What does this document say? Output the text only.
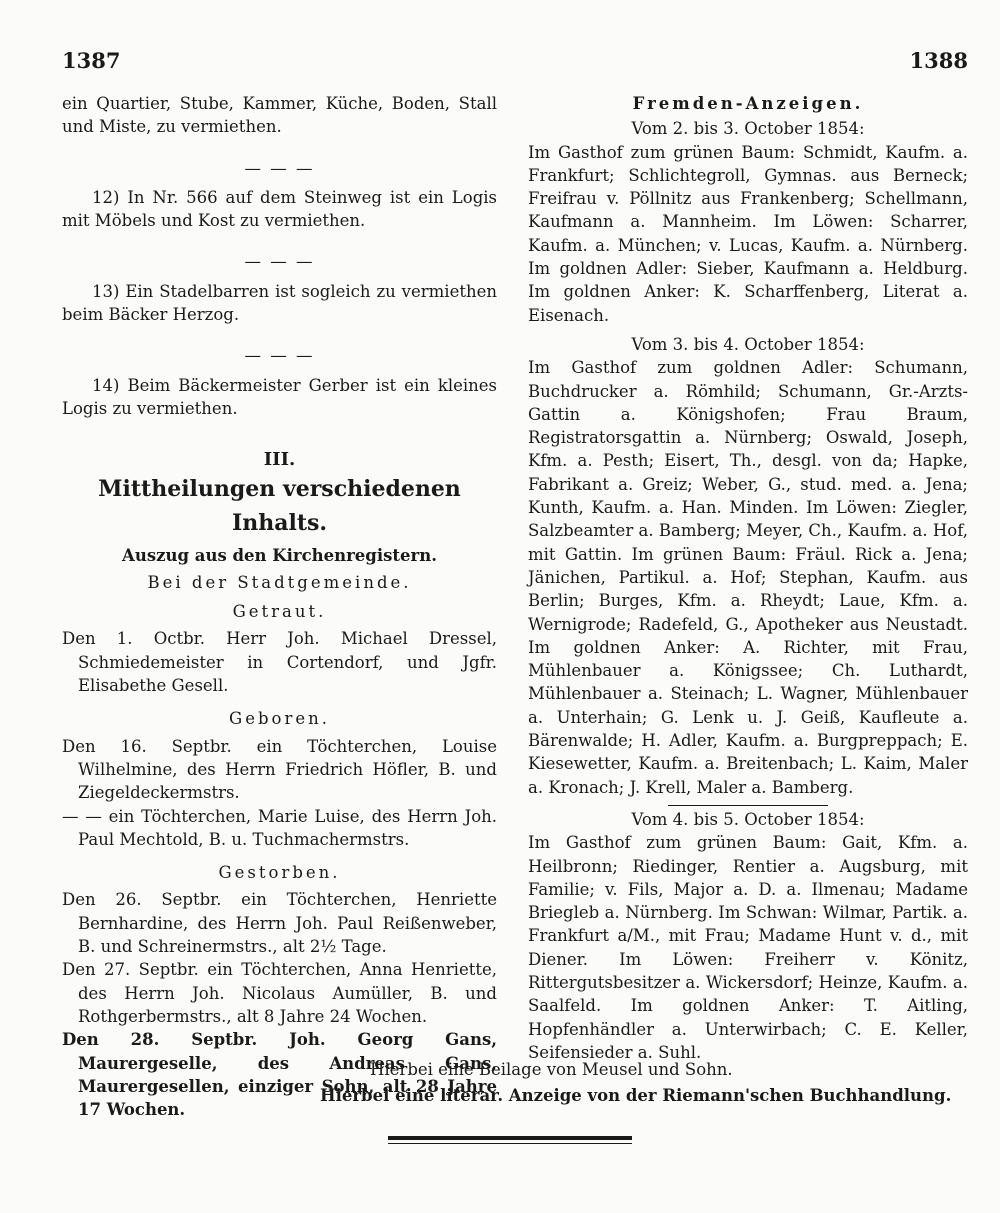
1387	1388

ein Quartier, Stube, Kammer, Küche, Boden, Stall und Miste, zu vermiethen.

— — —

12) In Nr. 566 auf dem Steinweg ist ein Logis mit Möbels und Kost zu vermiethen.

— — —

13) Ein Stadelbarren ist sogleich zu vermiethen beim Bäcker Herzog.

— — —

14) Beim Bäckermeister Gerber ist ein kleines Logis zu vermiethen.

III.

Mittheilungen verschiedenen Inhalts.

Auszug aus den Kirchenregistern.

Bei der Stadtgemeinde.

Getraut.

Den 1. Octbr. Herr Joh. Michael Dressel, Schmiedemeister in Cortendorf, und Jgfr. Elisabethe Gesell.

Geboren.

Den 16. Septbr. ein Töchterchen, Louise Wilhelmine, des Herrn Friedrich Höfler, B. und Ziegeldeckermstrs.

— — ein Töchterchen, Marie Luise, des Herrn Joh. Paul Mechtold, B. u. Tuchmachermstrs.

Gestorben.

Den 26. Septbr. ein Töchterchen, Henriette Bernhardine, des Herrn Joh. Paul Reißenweber, B. und Schreinermstrs., alt 2½ Tage.

Den 27. Septbr. ein Töchterchen, Anna Henriette, des Herrn Joh. Nicolaus Aumüller, B. und Rothgerbermstrs., alt 8 Jahre 24 Wochen.

Den 28. Septbr. Joh. Georg Gans, Maurergeselle, des Andreas Gans, Maurergesellen, einziger Sohn, alt 28 Jahre 17 Wochen.

Fremden-Anzeigen.

Vom 2. bis 3. October 1854:

Im Gasthof zum grünen Baum: Schmidt, Kaufm. a. Frankfurt; Schlichtegroll, Gymnas. aus Berneck; Freifrau v. Pöllnitz aus Frankenberg; Schellmann, Kaufmann a. Mannheim. Im Löwen: Scharrer, Kaufm. a. München; v. Lucas, Kaufm. a. Nürnberg. Im goldnen Adler: Sieber, Kaufmann a. Heldburg. Im goldnen Anker: K. Scharffenberg, Literat a. Eisenach.

Vom 3. bis 4. October 1854:

Im Gasthof zum goldnen Adler: Schumann, Buchdrucker a. Römhild; Schumann, Gr.-Arzts-Gattin a. Königshofen; Frau Braum, Registratorsgattin a. Nürnberg; Oswald, Joseph, Kfm. a. Pesth; Eisert, Th., desgl. von da; Hapke, Fabrikant a. Greiz; Weber, G., stud. med. a. Jena; Kunth, Kaufm. a. Han. Minden. Im Löwen: Ziegler, Salzbeamter a. Bamberg; Meyer, Ch., Kaufm. a. Hof, mit Gattin. Im grünen Baum: Fräul. Rick a. Jena; Jänichen, Partikul. a. Hof; Stephan, Kaufm. aus Berlin; Burges, Kfm. a. Rheydt; Laue, Kfm. a. Wernigrode; Radefeld, G., Apotheker aus Neustadt. Im goldnen Anker: A. Richter, mit Frau, Mühlenbauer a. Königssee; Ch. Luthardt, Mühlenbauer a. Steinach; L. Wagner, Mühlenbauer a. Unterhain; G. Lenk u. J. Geiß, Kaufleute a. Bärenwalde; H. Adler, Kaufm. a. Burgpreppach; E. Kiesewetter, Kaufm. a. Breitenbach; L. Kaim, Maler a. Kronach; J. Krell, Maler a. Bamberg.

Vom 4. bis 5. October 1854:

Im Gasthof zum grünen Baum: Gait, Kfm. a. Heilbronn; Riedinger, Rentier a. Augsburg, mit Familie; v. Fils, Major a. D. a. Ilmenau; Madame Briegleb a. Nürnberg. Im Schwan: Wilmar, Partik. a. Frankfurt a/M., mit Frau; Madame Hunt v. d., mit Diener. Im Löwen: Freiherr v. Könitz, Rittergutsbesitzer a. Wickersdorf; Heinze, Kaufm. a. Saalfeld. Im goldnen Anker: T. Aitling, Hopfenhändler a. Unterwirbach; C. E. Keller, Seifensieder a. Suhl.

Hierbei eine Beilage von Meusel und Sohn.
Hierbei eine literar. Anzeige von der Riemann'schen Buchhandlung.
